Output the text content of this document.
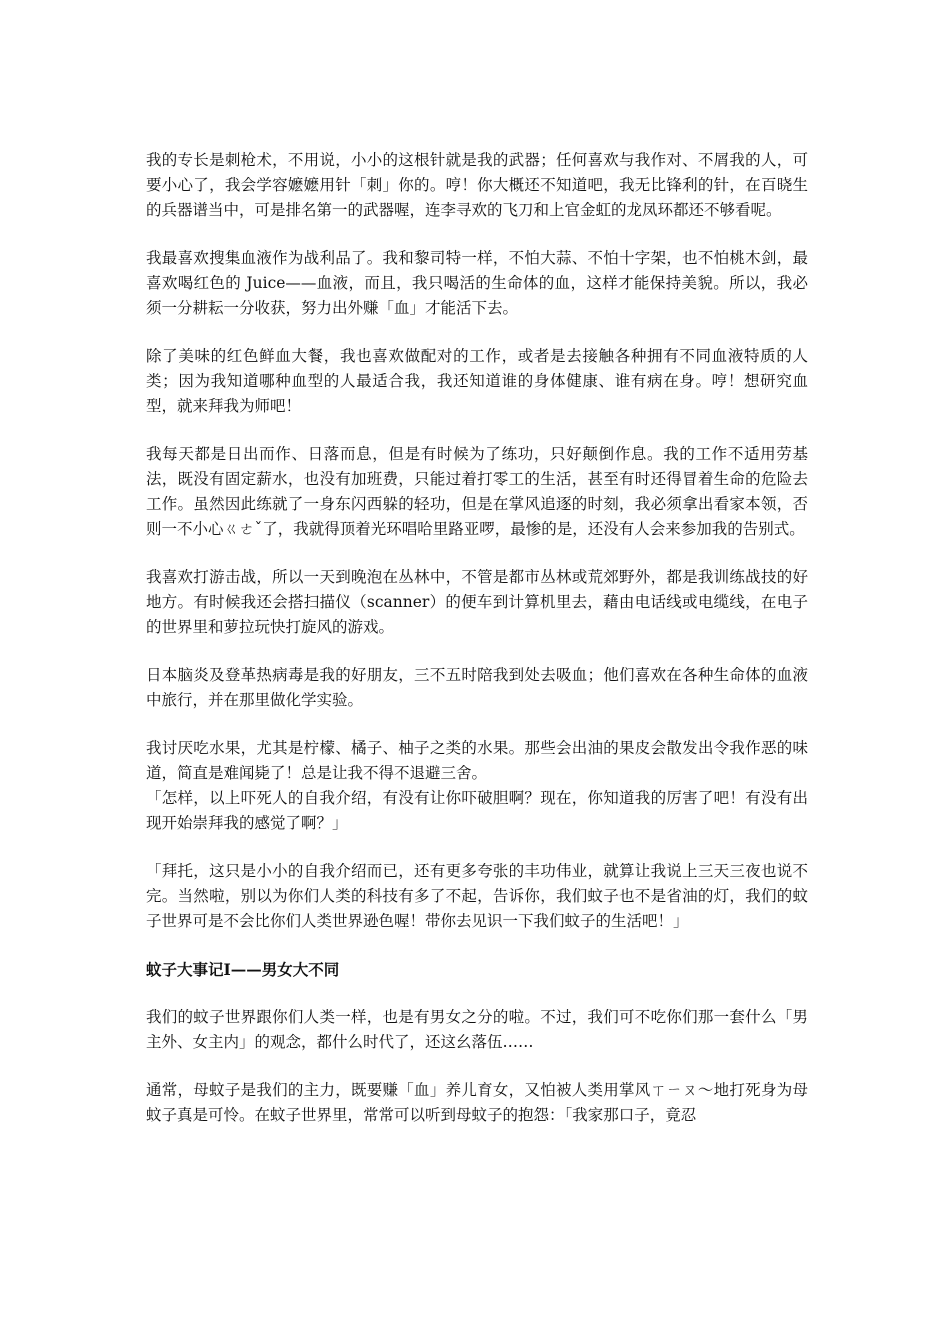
我的专长是刺枪术，不用说，小小的这根针就是我的武器；任何喜欢与我作对、不屑我的人，可要小心了，我会学容嬷嬷用针「刺」你的。哼！你大概还不知道吧，我无比锋利的针，在百晓生的兵器谱当中，可是排名第一的武器喔，连李寻欢的飞刀和上官金虹的龙凤环都还不够看呢。

我最喜欢搜集血液作为战利品了。我和黎司特一样，不怕大蒜、不怕十字架，也不怕桃木剑，最喜欢喝红色的 Juice——血液，而且，我只喝活的生命体的血，这样才能保持美貌。所以，我必须一分耕耘一分收获，努力出外赚「血」才能活下去。

除了美味的红色鲜血大餐，我也喜欢做配对的工作，或者是去接触各种拥有不同血液特质的人类；因为我知道哪种血型的人最适合我，我还知道谁的身体健康、谁有病在身。哼！想研究血型，就来拜我为师吧！

我每天都是日出而作、日落而息，但是有时候为了练功，只好颠倒作息。我的工作不适用劳基法，既没有固定薪水，也没有加班费，只能过着打零工的生活，甚至有时还得冒着生命的危险去工作。虽然因此练就了一身东闪西躲的轻功，但是在掌风追逐的时刻，我必须拿出看家本领，否则一不小心ㄍㄜˇ了，我就得顶着光环唱哈里路亚啰，最惨的是，还没有人会来参加我的告别式。

我喜欢打游击战，所以一天到晚泡在丛林中，不管是都市丛林或荒郊野外，都是我训练战技的好地方。有时候我还会搭扫描仪（scanner）的便车到计算机里去，藉由电话线或电缆线，在电子的世界里和萝拉玩快打旋风的游戏。

日本脑炎及登革热病毒是我的好朋友，三不五时陪我到处去吸血；他们喜欢在各种生命体的血液中旅行，并在那里做化学实验。

我讨厌吃水果，尤其是柠檬、橘子、柚子之类的水果。那些会出油的果皮会散发出令我作恶的味道，简直是难闻毙了！总是让我不得不退避三舍。

「怎样，以上吓死人的自我介绍，有没有让你吓破胆啊？现在，你知道我的厉害了吧！有没有出现开始崇拜我的感觉了啊？」

「拜托，这只是小小的自我介绍而已，还有更多夸张的丰功伟业，就算让我说上三天三夜也说不完。当然啦，别以为你们人类的科技有多了不起，告诉你，我们蚊子也不是省油的灯，我们的蚊子世界可是不会比你们人类世界逊色喔！带你去见识一下我们蚊子的生活吧！」

蚊子大事记Ⅰ——男女大不同

我们的蚊子世界跟你们人类一样，也是有男女之分的啦。不过，我们可不吃你们那一套什么「男主外、女主内」的观念，都什么时代了，还这幺落伍……

通常，母蚊子是我们的主力，既要赚「血」养儿育女，又怕被人类用掌风ㄒㄧㄡ～地打死身为母蚊子真是可怜。在蚊子世界里，常常可以听到母蚊子的抱怨：「我家那口子，竟忍
